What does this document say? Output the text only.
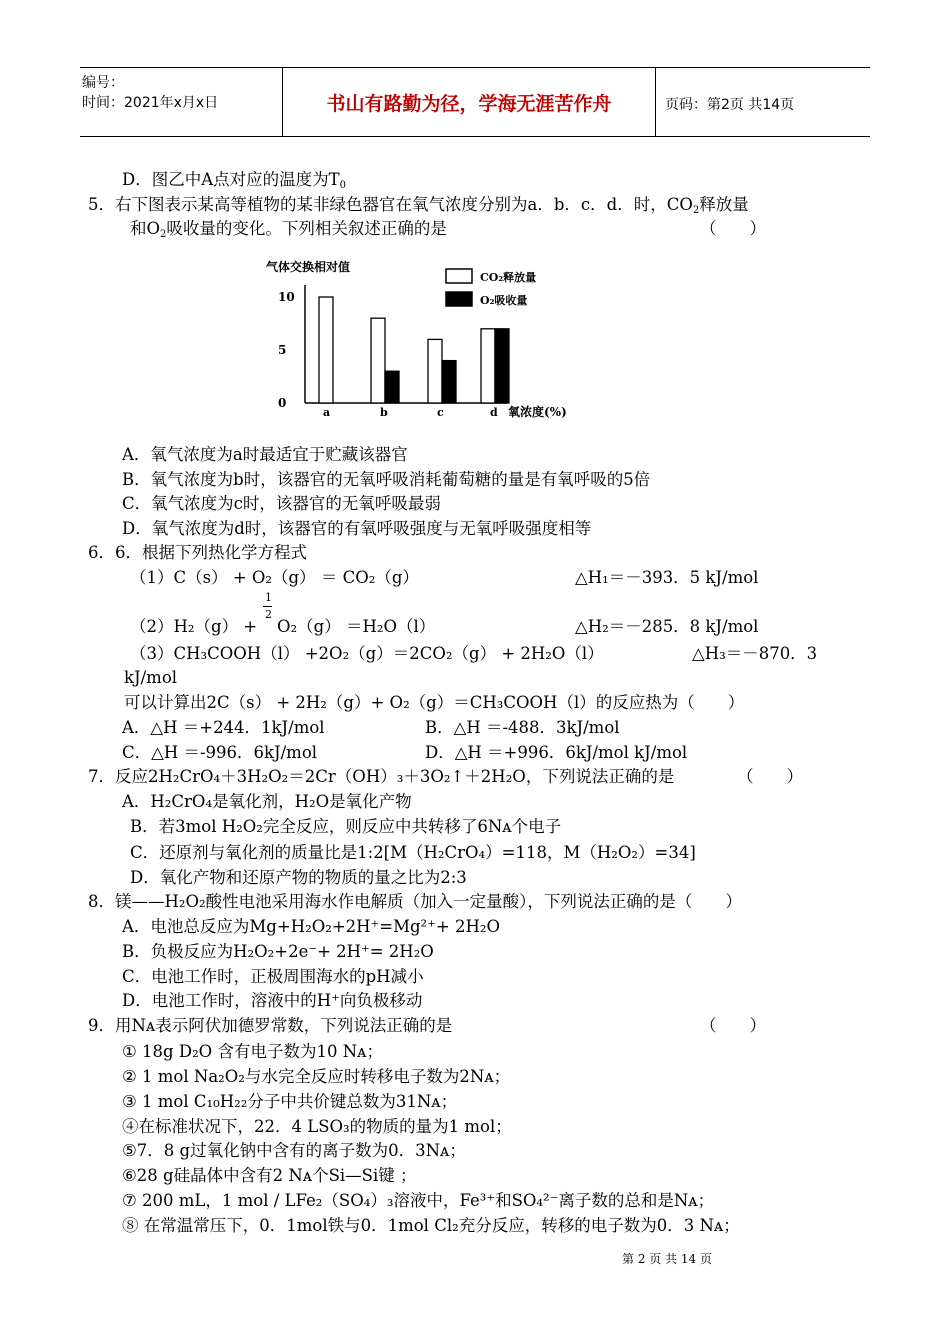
编号：
时间：2021年x月x日	书山有路勤为径，学海无涯苦作舟	页码：第2页 共14页
D．图乙中A点对应的温度为$T_0$
5．右下图表示某高等植物的某非绿色器官在氧气浓度分别为a．b．c．d．时，$CO_2$释放量
和$O_2$吸收量的变化。下列相关叙述正确的是	（　　）
气体交换相对值
0
5
10
a	b	c	d 氧浓度(%)
CO₂释放量
O₂吸收量
A．氧气浓度为a时最适宜于贮藏该器官
B．氧气浓度为b时，该器官的无氧呼吸消耗葡萄糖的量是有氧呼吸的5倍
C．氧气浓度为c时，该器官的无氧呼吸最弱
D．氧气浓度为d时，该器官的有氧呼吸强度与无氧呼吸强度相等
6．6．根据下列热化学方程式
（1）C（s） + O₂（g） ＝ CO₂（g）	△H₁＝－393．5 kJ/mol
1
2
（2）H₂（g） + O₂（g） ＝H₂O（l）	△H₂＝－285．8 kJ/mol
（3）CH₃COOH（l） +2O₂（g）＝2CO₂（g） + 2H₂O（l）	△H₃＝－870．3
kJ/mol
可以计算出2C（s） + 2H₂（g）+ O₂（g）＝CH₃COOH（l）的反应热为（　　）
A．△H ＝+244．1kJ/mol	B．△H ＝-488．3kJ/mol
C．△H ＝-996．6kJ/mol	D．△H ＝+996．6kJ/mol kJ/mol
7．反应2H₂CrO₄＋3H₂O₂＝2Cr（OH）₃＋3O₂↑＋2H₂O，下列说法正确的是	（　　）
A．H₂CrO₄是氧化剂，H₂O是氧化产物
B．若3mol H₂O₂完全反应，则反应中共转移了6Nᴀ个电子
C．还原剂与氧化剂的质量比是1:2[M（H₂CrO₄）=118，M（H₂O₂）=34]
D．氧化产物和还原产物的物质的量之比为2:3
8．镁——H₂O₂酸性电池采用海水作电解质（加入一定量酸），下列说法正确的是（　　）
A．电池总反应为Mg+H₂O₂+2H⁺=Mg²⁺+ 2H₂O
B．负极反应为H₂O₂+2e⁻+ 2H⁺= 2H₂O
C．电池工作时，正极周围海水的pH减小
D．电池工作时，溶液中的H⁺向负极移动
9．用Nᴀ表示阿伏加德罗常数，下列说法正确的是	（　　）
① 18g D₂O 含有电子数为10 Nᴀ；
② 1 mol Na₂O₂与水完全反应时转移电子数为2Nᴀ；
③ 1 mol C₁₀H₂₂分子中共价键总数为31Nᴀ；
④在标准状况下，22．4 LSO₃的物质的量为1 mol；
⑤7．8 g过氧化钠中含有的离子数为0．3Nᴀ；
⑥28 g硅晶体中含有2 Nᴀ个Si—Si键 ；
⑦ 200 mL，1 mol / LFe₂（SO₄）₃溶液中，Fe³⁺和SO₄²⁻离子数的总和是Nᴀ；
⑧ 在常温常压下，0．1mol铁与0．1mol Cl₂充分反应，转移的电子数为0．3 Nᴀ；
第 2 页 共 14 页
